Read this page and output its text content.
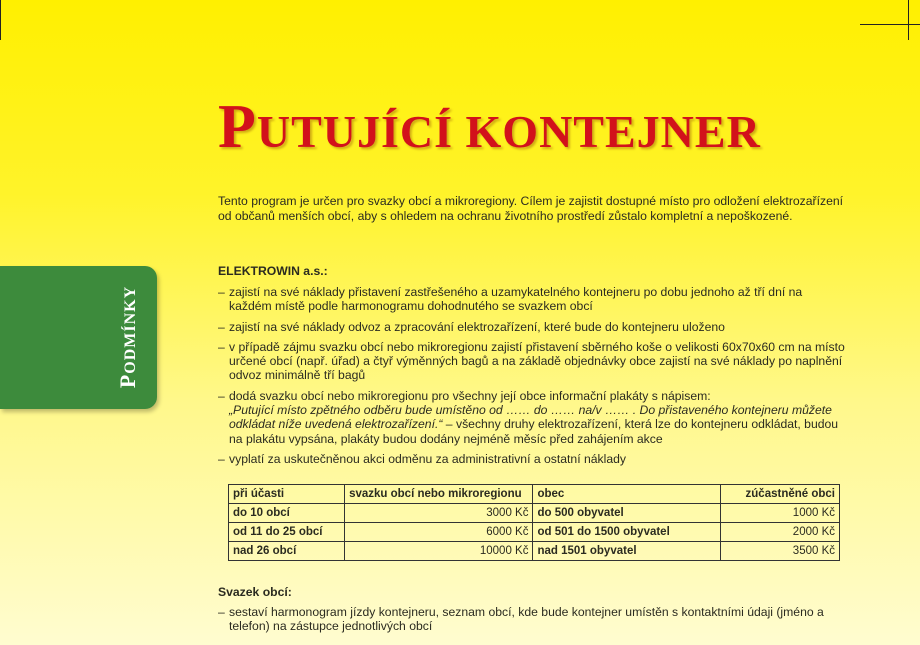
PUTUJÍCÍ KONTEJNER

Tento program je určen pro svazky obcí a mikroregiony. Cílem je zajistit dostupné místo pro odložení elektrozařízení od občanů menších obcí, aby s ohledem na ochranu životního prostředí zůstalo kompletní a nepoškozené.

PODMÍNKY
ELEKTROWIN a.s.:
– zajistí na své náklady přistavení zastřešeného a uzamykatelného kontejneru po dobu jednoho až tří dní na každém místě podle harmonogramu dohodnutého se svazkem obcí
– zajistí na své náklady odvoz a zpracování elektrozařízení, které bude do kontejneru uloženo
– v případě zájmu svazku obcí nebo mikroregionu zajistí přistavení sběrného koše o velikosti 60x70x60 cm na místo určené obcí (např. úřad) a čtyř výměnných bagů a na základě objednávky obce zajistí na své náklady po naplnění odvoz minimálně tří bagů
– dodá svazku obcí nebo mikroregionu pro všechny její obce informační plakáty s nápisem:
„Putující místo zpětného odběru bude umístěno od …… do …… na/v …… . Do přistaveného kontejneru můžete odkládat níže uvedená elektrozařízení.“ – všechny druhy elektrozařízení, která lze do kontejneru odkládat, budou na plakátu vypsána, plakáty budou dodány nejméně měsíc před zahájením akce
– vyplatí za uskutečněnou akci odměnu za administrativní a ostatní náklady
při účasti	svazku obcí nebo mikroregionu	obec	zúčastněné obci
do 10 obcí	3000 Kč	do 500 obyvatel	1000 Kč
od 11 do 25 obcí	6000 Kč	od 501 do 1500 obyvatel	2000 Kč
nad 26 obcí	10000 Kč	nad 1501 obyvatel	3500 Kč
Svazek obcí:
– sestaví harmonogram jízdy kontejneru, seznam obcí, kde bude kontejner umístěn s kontaktními údaji (jméno a telefon) na zástupce jednotlivých obcí
